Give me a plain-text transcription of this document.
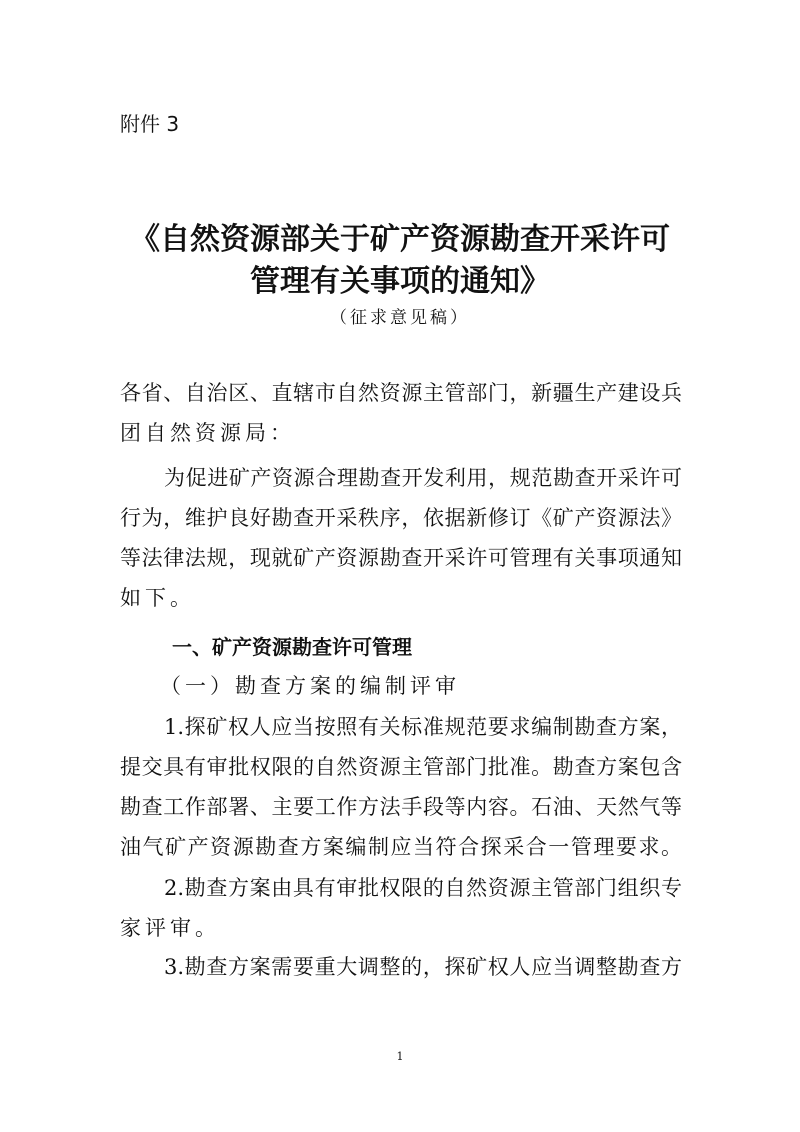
附件 3
《自然资源部关于矿产资源勘查开采许可
管理有关事项的通知》
（征求意见稿）
各省、自治区、直辖市自然资源主管部门，新疆生产建设兵
团自然资源局：
为促进矿产资源合理勘查开发利用，规范勘查开采许可
行为，维护良好勘查开采秩序，依据新修订《矿产资源法》
等法律法规，现就矿产资源勘查开采许可管理有关事项通知
如下。
一、矿产资源勘查许可管理
（一）勘查方案的编制评审
1.探矿权人应当按照有关标准规范要求编制勘查方案，
提交具有审批权限的自然资源主管部门批准。勘查方案包含
勘查工作部署、主要工作方法手段等内容。石油、天然气等
油气矿产资源勘查方案编制应当符合探采合一管理要求。
2.勘查方案由具有审批权限的自然资源主管部门组织专
家评审。
3.勘查方案需要重大调整的，探矿权人应当调整勘查方
1
